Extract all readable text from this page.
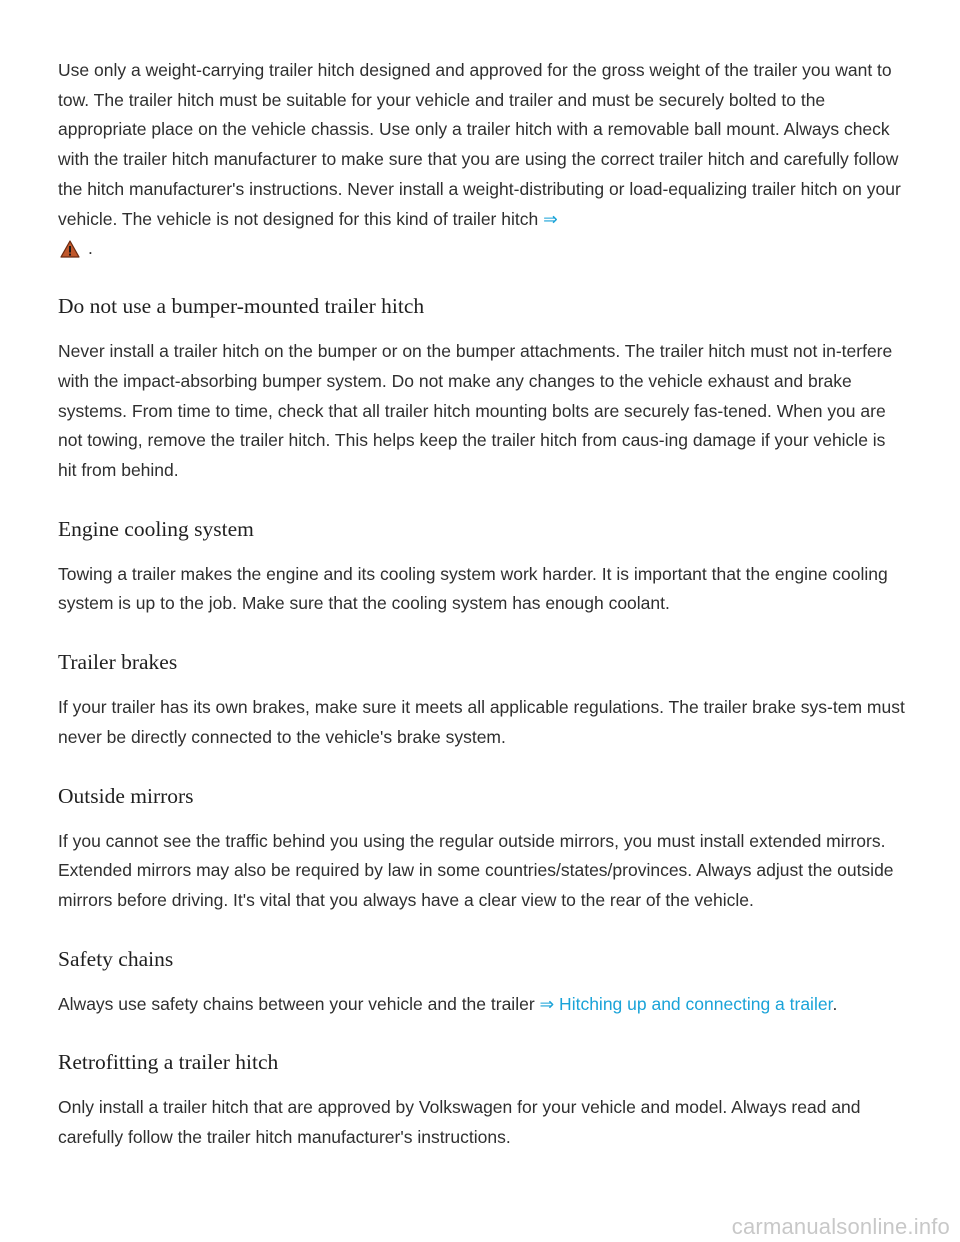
Use only a weight-carrying trailer hitch designed and approved for the gross weight of the trailer you want to tow. The trailer hitch must be suitable for your vehicle and trailer and must be securely bolted to the appropriate place on the vehicle chassis. Use only a trailer hitch with a removable ball mount. Always check with the trailer hitch manufacturer to make sure that you are using the correct trailer hitch and carefully follow the hitch manufacturer's instructions. Never install a weight-distributing or load-equalizing trailer hitch on your vehicle. The vehicle is not designed for this kind of trailer hitch ⇒

.

Do not use a bumper-mounted trailer hitch

Never install a trailer hitch on the bumper or on the bumper attachments. The trailer hitch must not in-terfere with the impact-absorbing bumper system. Do not make any changes to the vehicle exhaust and brake systems. From time to time, check that all trailer hitch mounting bolts are securely fas-tened. When you are not towing, remove the trailer hitch. This helps keep the trailer hitch from caus-ing damage if your vehicle is hit from behind.

Engine cooling system

Towing a trailer makes the engine and its cooling system work harder. It is important that the engine cooling system is up to the job. Make sure that the cooling system has enough coolant.

Trailer brakes

If your trailer has its own brakes, make sure it meets all applicable regulations. The trailer brake sys-tem must never be directly connected to the vehicle's brake system.

Outside mirrors

If you cannot see the traffic behind you using the regular outside mirrors, you must install extended mirrors. Extended mirrors may also be required by law in some countries/states/provinces. Always adjust the outside mirrors before driving. It's vital that you always have a clear view to the rear of the vehicle.

Safety chains

Always use safety chains between your vehicle and the trailer ⇒ Hitching up and connecting a trailer.

Retrofitting a trailer hitch

Only install a trailer hitch that are approved by Volkswagen for your vehicle and model. Always read and carefully follow the trailer hitch manufacturer's instructions.

carmanualsonline.info
